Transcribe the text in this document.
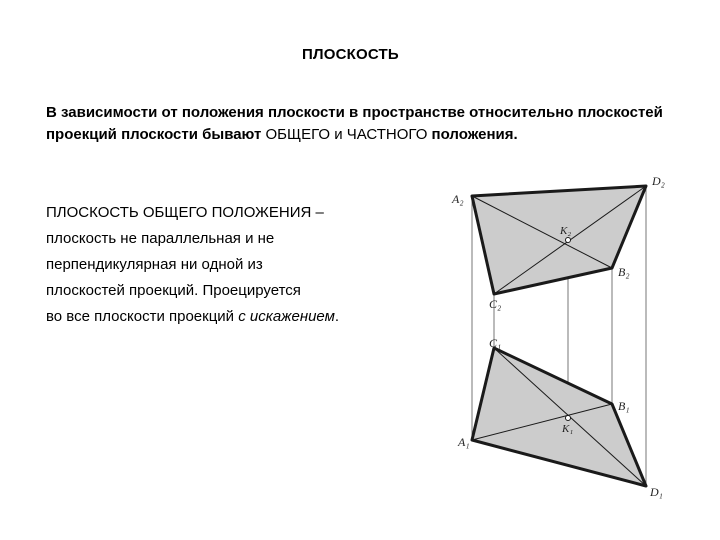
ПЛОСКОСТЬ
В зависимости от положения плоскости в пространстве относительно плоскостей проекций плоскости бывают ОБЩЕГО и ЧАСТНОГО положения.
ПЛОСКОСТЬ ОБЩЕГО ПОЛОЖЕНИЯ –
плоскость не параллельная и не
перпендикулярная ни одной из
плоскостей проекций. Проецируется
во все плоскости проекций с искажением.
A₂
D₂
K₂
B₂
C₂
C₁
B₁
K₁
A₁
D₁
